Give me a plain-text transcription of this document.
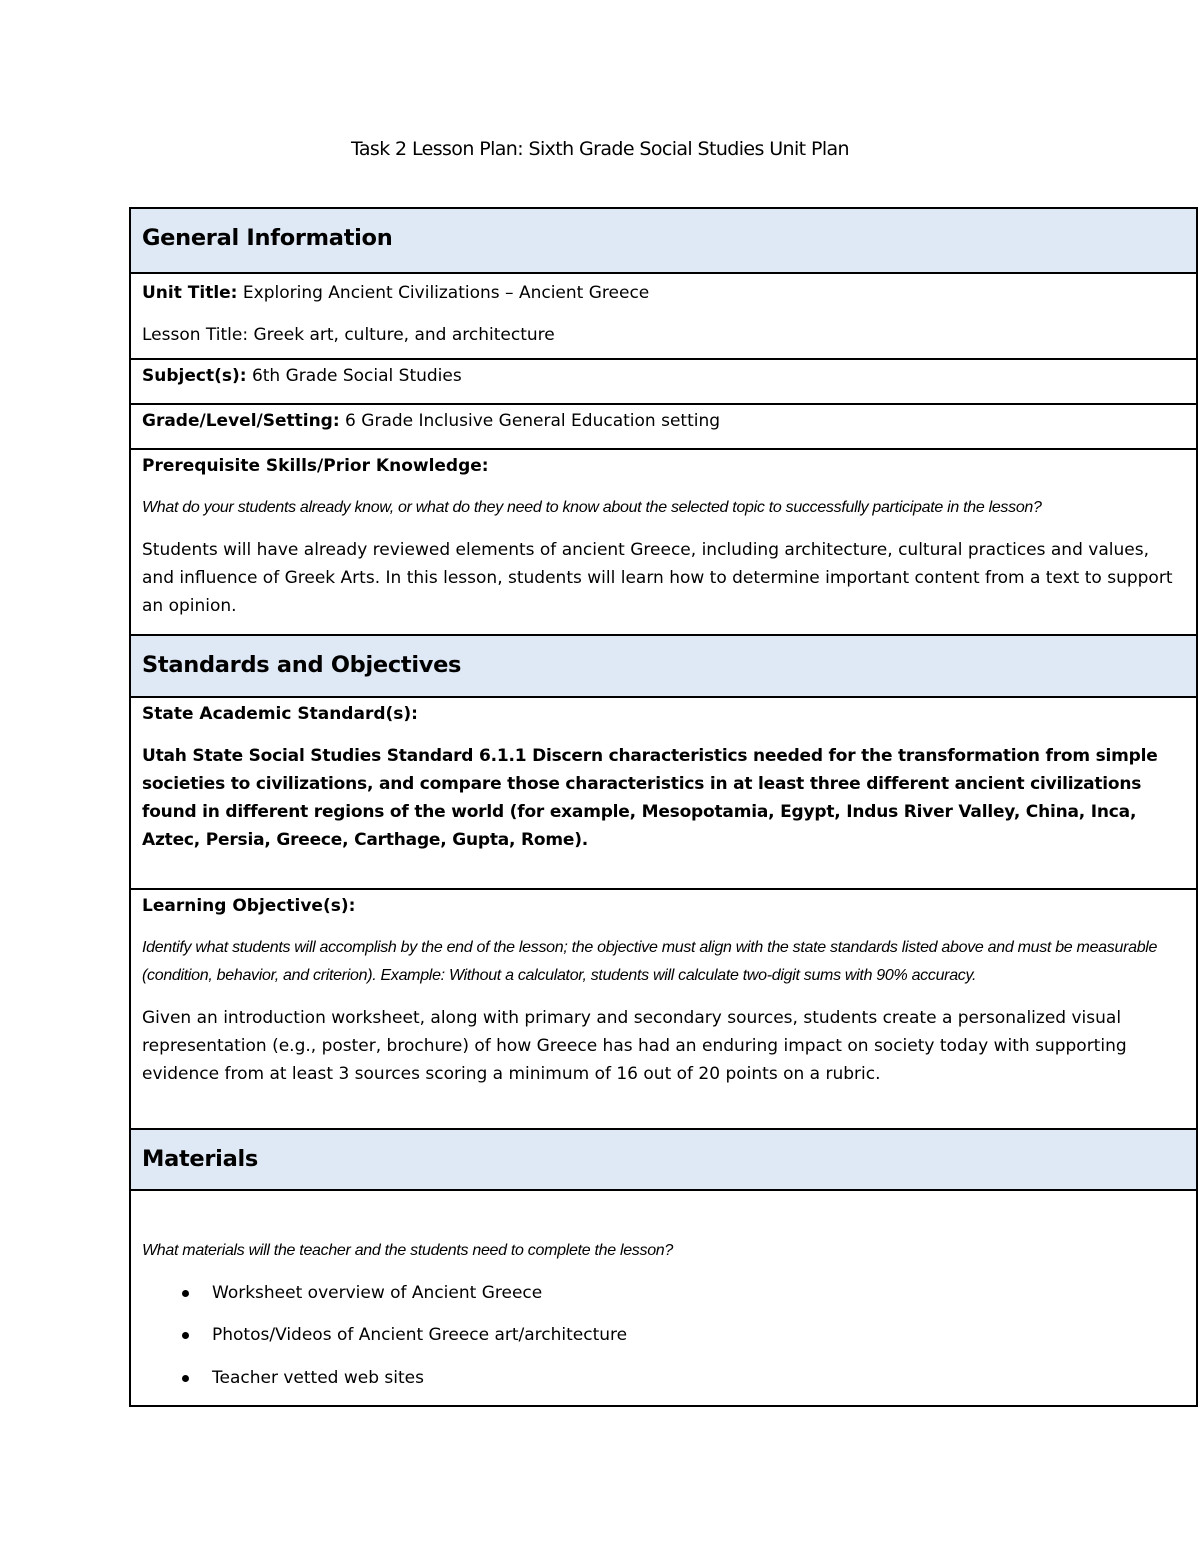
Task 2 Lesson Plan: Sixth Grade Social Studies Unit Plan
General Information

Unit Title: Exploring Ancient Civilizations – Ancient Greece

Lesson Title: Greek art, culture, and architecture

Subject(s): 6th Grade Social Studies

Grade/Level/Setting: 6 Grade Inclusive General Education setting

Prerequisite Skills/Prior Knowledge:

What do your students already know, or what do they need to know about the selected topic to successfully participate in the lesson?

Students will have already reviewed elements of ancient Greece, including architecture, cultural practices and values, and influence of Greek Arts. In this lesson, students will learn how to determine important content from a text to support an opinion.

Standards and Objectives

State Academic Standard(s):

Utah State Social Studies Standard 6.1.1 Discern characteristics needed for the transformation from simple societies to civilizations, and compare those characteristics in at least three different ancient civilizations found in different regions of the world (for example, Mesopotamia, Egypt, Indus River Valley, China, Inca, Aztec, Persia, Greece, Carthage, Gupta, Rome).

Learning Objective(s):

Identify what students will accomplish by the end of the lesson; the objective must align with the state standards listed above and must be measurable (condition, behavior, and criterion). Example: Without a calculator, students will calculate two-digit sums with 90% accuracy.

Given an introduction worksheet, along with primary and secondary sources, students create a personalized visual representation (e.g., poster, brochure) of how Greece has had an enduring impact on society today with supporting evidence from at least 3 sources scoring a minimum of 16 out of 20 points on a rubric.

Materials

What materials will the teacher and the students need to complete the lesson?

Worksheet overview of Ancient Greece
Photos/Videos of Ancient Greece art/architecture
Teacher vetted web sites
